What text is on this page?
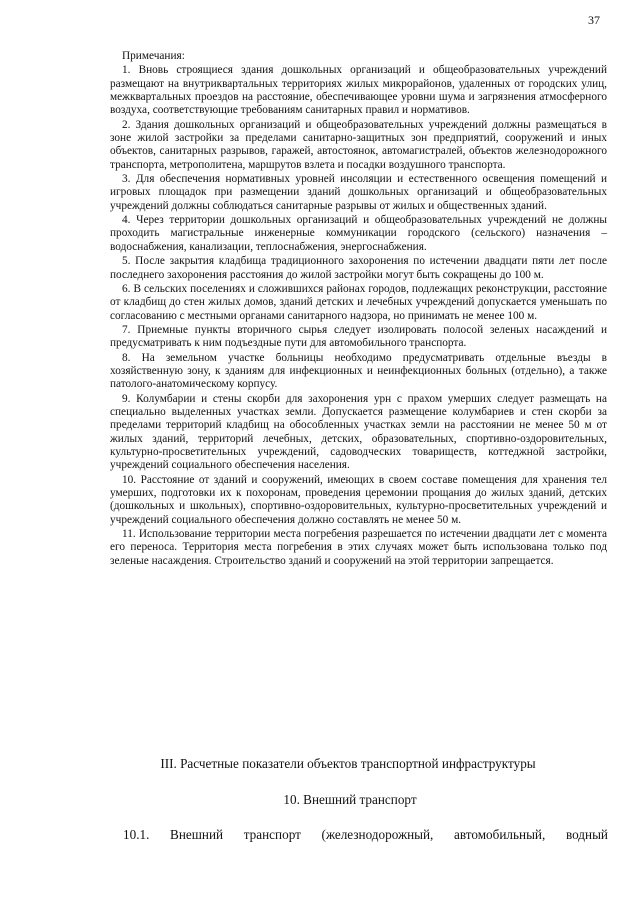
37

Примечания:

1. Вновь строящиеся здания дошкольных организаций и общеобразовательных учреждений размещают на внутриквартальных территориях жилых микрорайонов, удаленных от городских улиц, межквартальных проездов на расстояние, обеспечивающее уровни шума и загрязнения атмосферного воздуха, соответствующие требованиям санитарных правил и нормативов.

2. Здания дошкольных организаций и общеобразовательных учреждений должны размещаться в зоне жилой застройки за пределами санитарно-защитных зон предприятий, сооружений и иных объектов, санитарных разрывов, гаражей, автостоянок, автомагистралей, объектов железнодорожного транспорта, метрополитена, маршрутов взлета и посадки воздушного транспорта.

3. Для обеспечения нормативных уровней инсоляции и естественного освещения помещений и игровых площадок при размещении зданий дошкольных организаций и общеобразовательных учреждений должны соблюдаться санитарные разрывы от жилых и общественных зданий.

4. Через территории дошкольных организаций и общеобразовательных учреждений не должны проходить магистральные инженерные коммуникации городского (сельского) назначения – водоснабжения, канализации, теплоснабжения, энергоснабжения.

5. После закрытия кладбища традиционного захоронения по истечении двадцати пяти лет после последнего захоронения расстояния до жилой застройки могут быть сокращены до 100 м.

6. В сельских поселениях и сложившихся районах городов, подлежащих реконструкции, расстояние от кладбищ до стен жилых домов, зданий детских и лечебных учреждений допускается уменьшать по согласованию с местными органами санитарного надзора, но принимать не менее 100 м.

7. Приемные пункты вторичного сырья следует изолировать полосой зеленых насаждений и предусматривать к ним подъездные пути для автомобильного транспорта.

8. На земельном участке больницы необходимо предусматривать отдельные въезды в хозяйственную зону, к зданиям для инфекционных и неинфекционных больных (отдельно), а также патолого-анатомическому корпусу.

9. Колумбарии и стены скорби для захоронения урн с прахом умерших следует размещать на специально выделенных участках земли. Допускается размещение колумбариев и стен скорби за пределами территорий кладбищ на обособленных участках земли на расстоянии не менее 50 м от жилых зданий, территорий лечебных, детских, образовательных, спортивно-оздоровительных, культурно-просветительных учреждений, садоводческих товариществ, коттеджной застройки, учреждений социального обеспечения населения.

10. Расстояние от зданий и сооружений, имеющих в своем составе помещения для хранения тел умерших, подготовки их к похоронам, проведения церемонии прощания до жилых зданий, детских (дошкольных и школьных), спортивно-оздоровительных, культурно-просветительных учреждений и учреждений социального обеспечения должно составлять не менее 50 м.

11. Использование территории места погребения разрешается по истечении двадцати лет с момента его переноса. Территория места погребения в этих случаях может быть использована только под зеленые насаждения. Строительство зданий и сооружений на этой территории запрещается.

III. Расчетные показатели объектов транспортной инфраструктуры
10. Внешний транспорт
10.1. Внешний транспорт (железнодорожный, автомобильный, водный
